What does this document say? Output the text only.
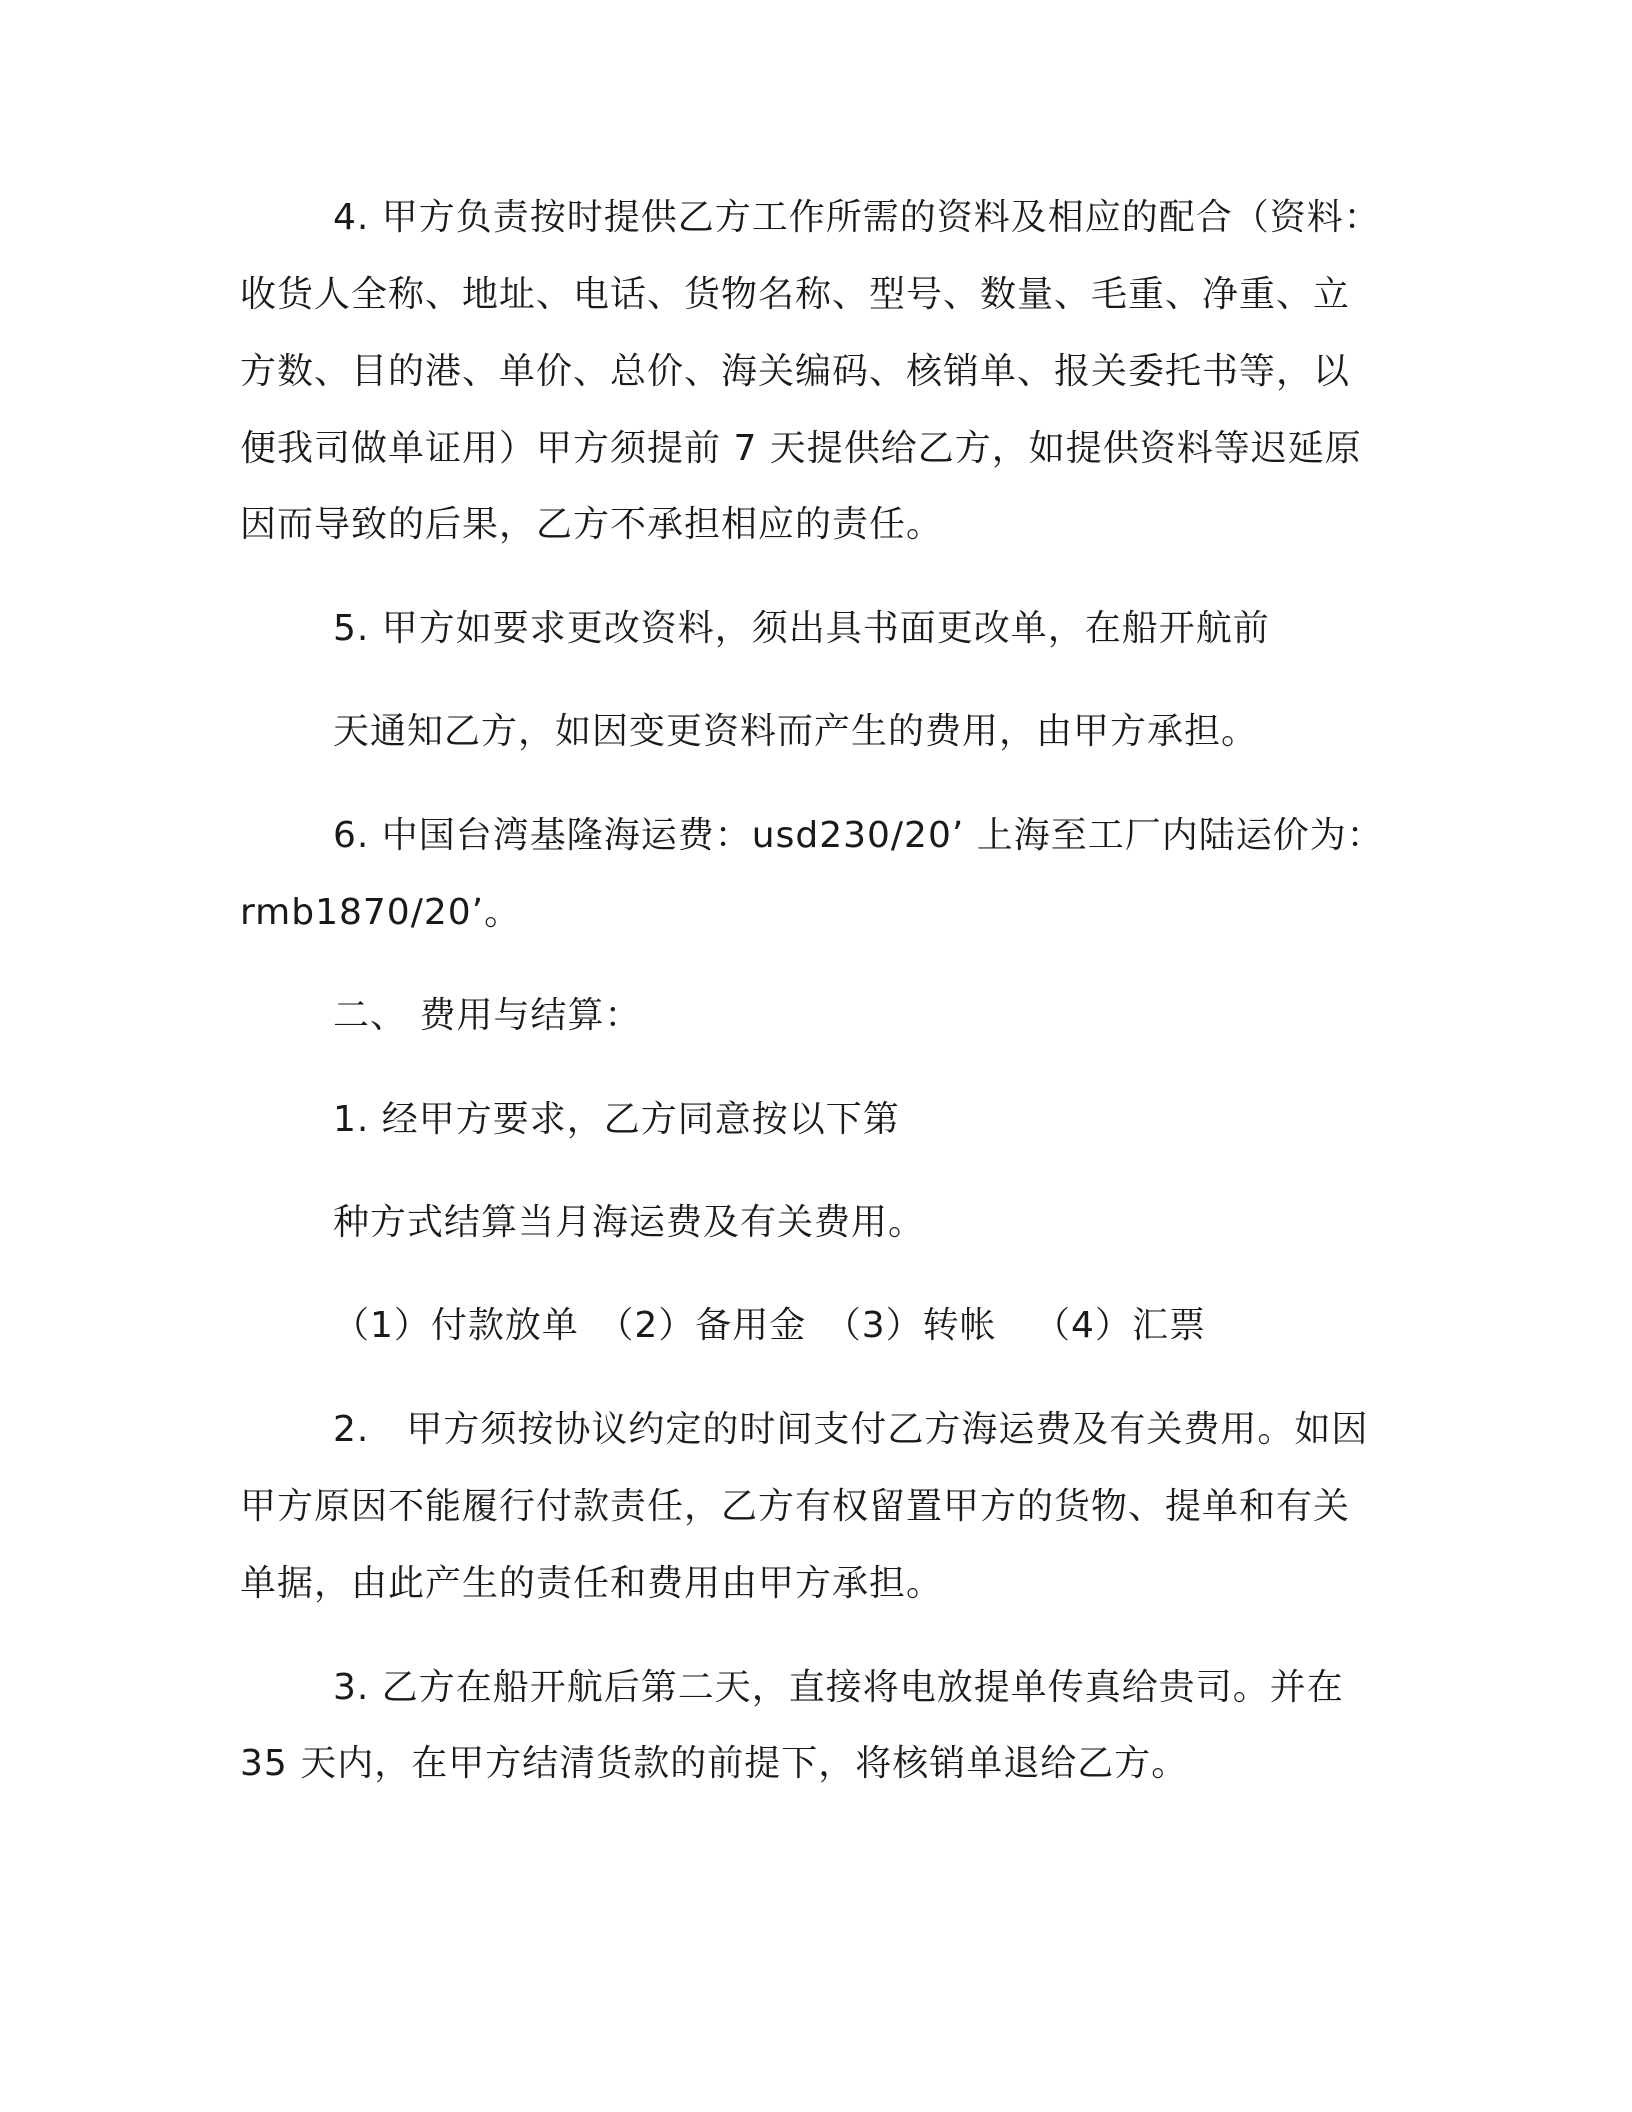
4. 甲方负责按时提供乙方工作所需的资料及相应的配合（资料：
收货人全称、地址、电话、货物名称、型号、数量、毛重、净重、立
方数、目的港、单价、总价、海关编码、核销单、报关委托书等，以
便我司做单证用）甲方须提前 7 天提供给乙方，如提供资料等迟延原
因而导致的后果，乙方不承担相应的责任。
5. 甲方如要求更改资料，须出具书面更改单，在船开航前
天通知乙方，如因变更资料而产生的费用，由甲方承担。
6. 中国台湾基隆海运费：usd230/20’ 上海至工厂内陆运价为：
rmb1870/20’。
二、 费用与结算：
1. 经甲方要求，乙方同意按以下第
种方式结算当月海运费及有关费用。
（1）付款放单 （2）备用金 （3）转帐 　（4）汇票
2.　甲方须按协议约定的时间支付乙方海运费及有关费用。如因
甲方原因不能履行付款责任，乙方有权留置甲方的货物、提单和有关
单据，由此产生的责任和费用由甲方承担。
3. 乙方在船开航后第二天，直接将电放提单传真给贵司。并在
35 天内，在甲方结清货款的前提下，将核销单退给乙方。
